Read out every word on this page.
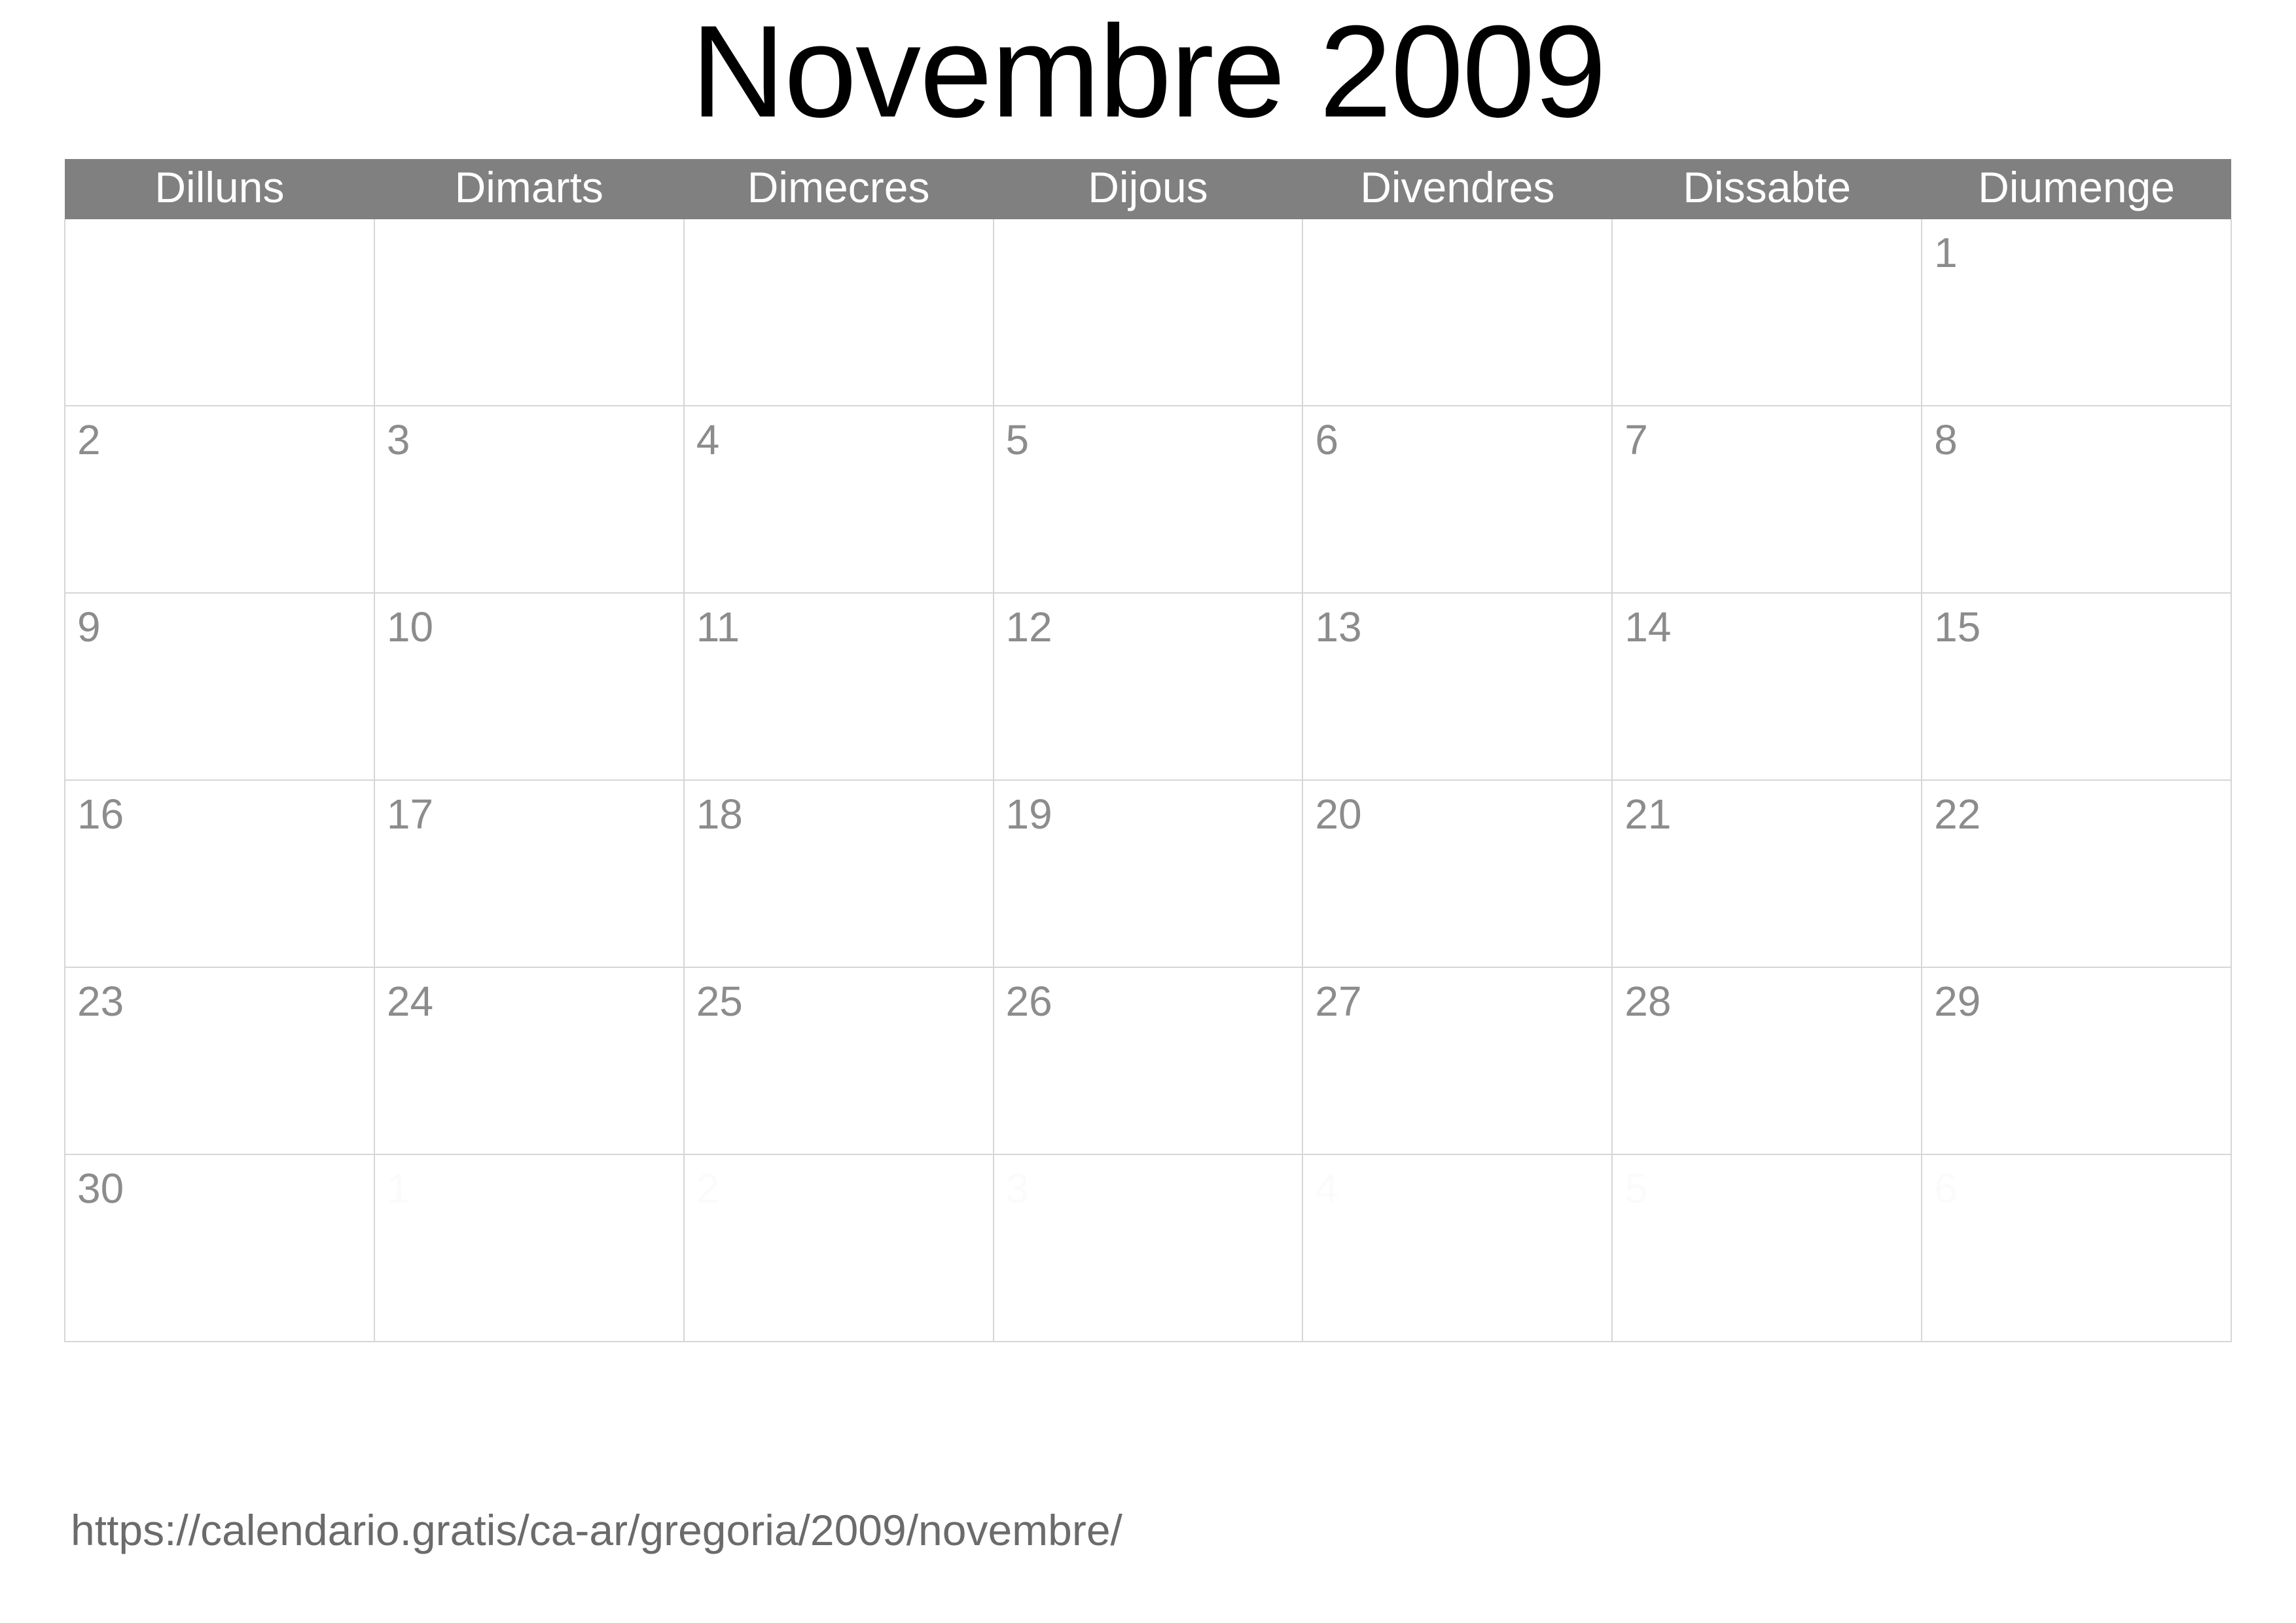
Novembre 2009
Dilluns	Dimarts	Dimecres	Dijous	Divendres	Dissabte	Diumenge
						1
2	3	4	5	6	7	8
9	10	11	12	13	14	15
16	17	18	19	20	21	22
23	24	25	26	27	28	29
30	1	2	3	4	5	6
https://calendario.gratis/ca-ar/gregoria/2009/novembre/
